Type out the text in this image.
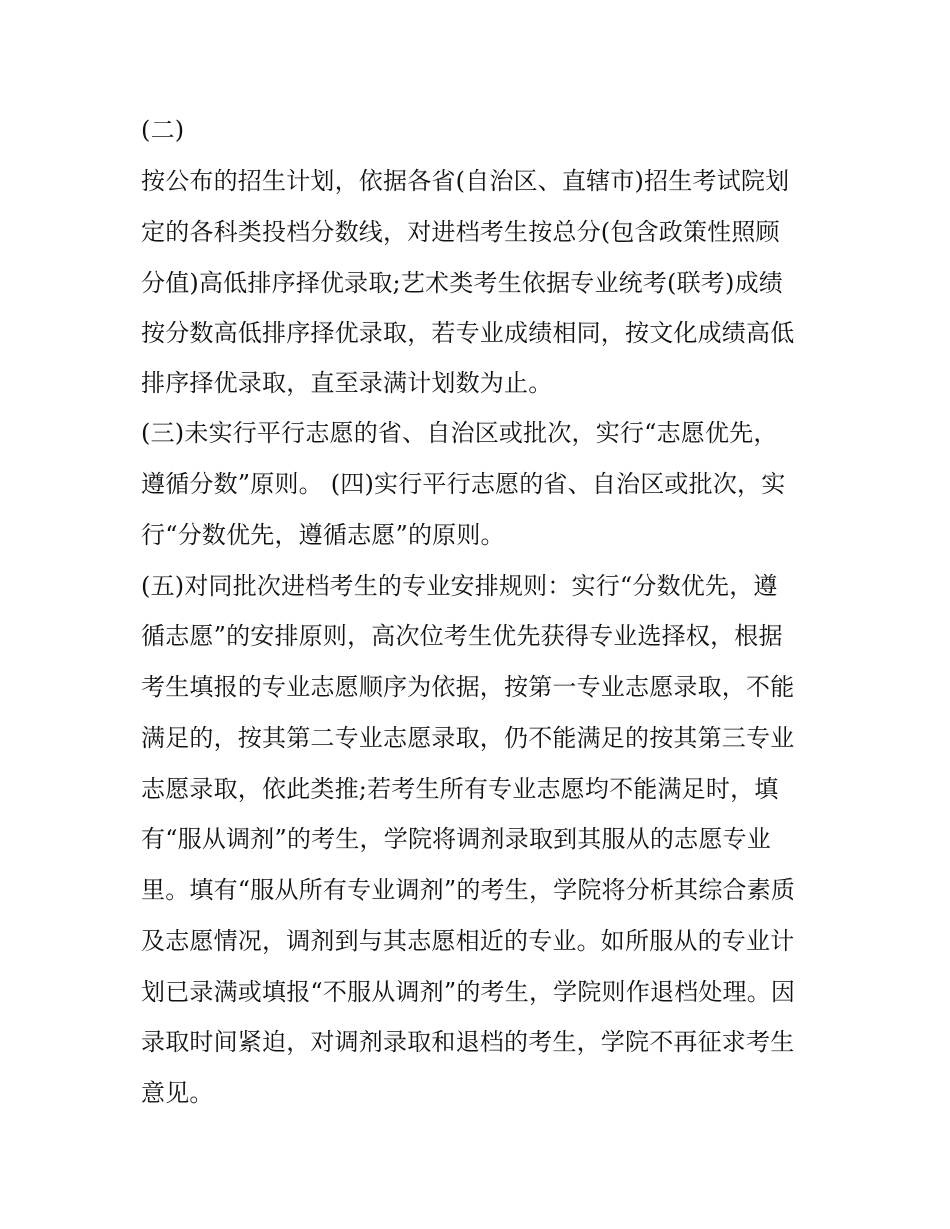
(二)
按公布的招生计划，依据各省(自治区、直辖市)招生考试院划
定的各科类投档分数线，对进档考生按总分(包含政策性照顾
分值)高低排序择优录取;艺术类考生依据专业统考(联考)成绩
按分数高低排序择优录取，若专业成绩相同，按文化成绩高低
排序择优录取，直至录满计划数为止。
(三)未实行平行志愿的省、自治区或批次，实行“志愿优先，
遵循分数”原则。 (四)实行平行志愿的省、自治区或批次，实
行“分数优先，遵循志愿”的原则。
(五)对同批次进档考生的专业安排规则：实行“分数优先，遵
循志愿”的安排原则，高次位考生优先获得专业选择权，根据
考生填报的专业志愿顺序为依据，按第一专业志愿录取，不能
满足的，按其第二专业志愿录取，仍不能满足的按其第三专业
志愿录取，依此类推;若考生所有专业志愿均不能满足时，填
有“服从调剂”的考生，学院将调剂录取到其服从的志愿专业
里。填有“服从所有专业调剂”的考生，学院将分析其综合素质
及志愿情况，调剂到与其志愿相近的专业。如所服从的专业计
划已录满或填报“不服从调剂”的考生，学院则作退档处理。因
录取时间紧迫，对调剂录取和退档的考生，学院不再征求考生
意见。
